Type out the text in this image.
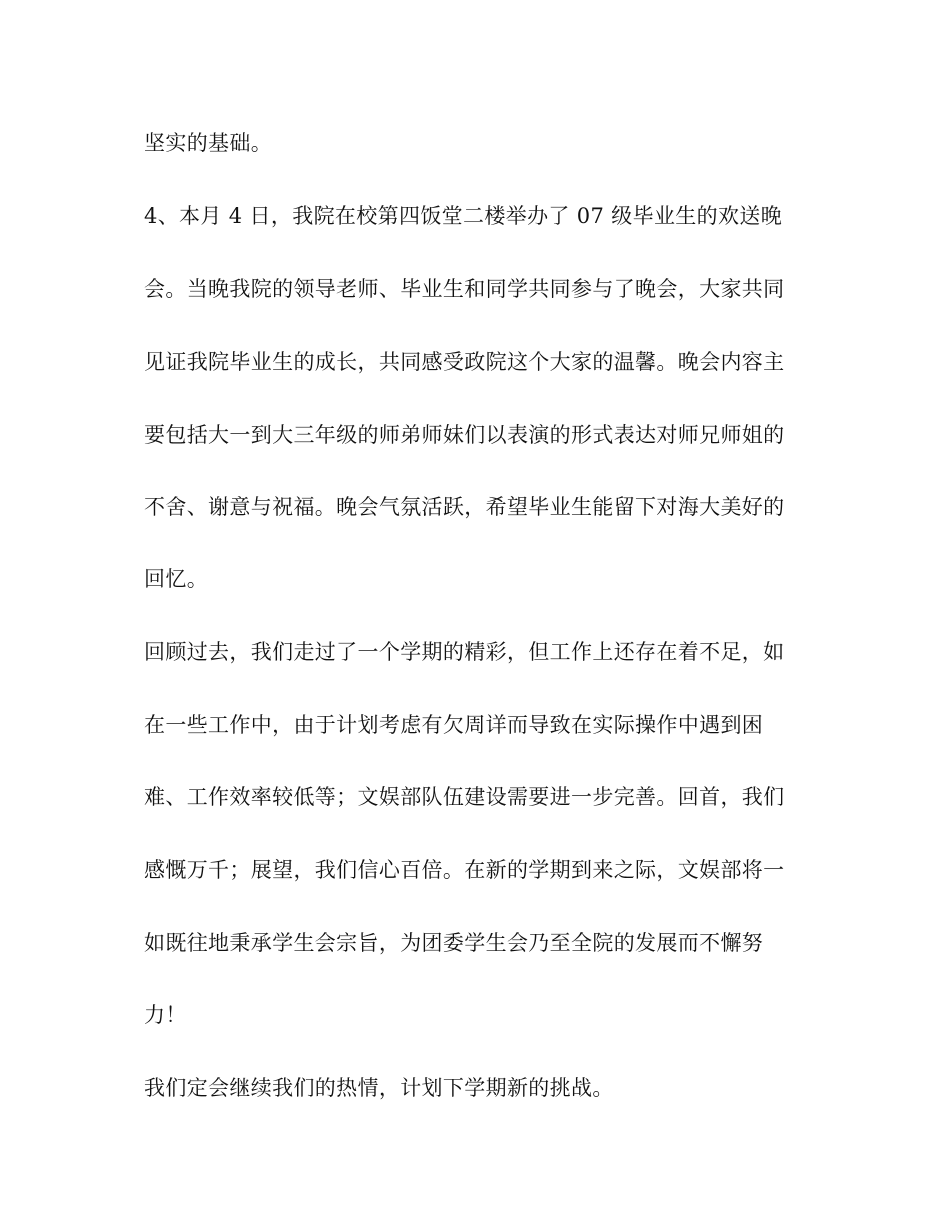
坚实的基础。
4、本月 4 日，我院在校第四饭堂二楼举办了 07 级毕业生的欢送晚
会。当晚我院的领导老师、毕业生和同学共同参与了晚会，大家共同
见证我院毕业生的成长，共同感受政院这个大家的温馨。晚会内容主
要包括大一到大三年级的师弟师妹们以表演的形式表达对师兄师姐的
不舍、谢意与祝福。晚会气氛活跃，希望毕业生能留下对海大美好的
回忆。
回顾过去，我们走过了一个学期的精彩，但工作上还存在着不足，如
在一些工作中，由于计划考虑有欠周详而导致在实际操作中遇到困
难、工作效率较低等；文娱部队伍建设需要进一步完善。回首，我们
感慨万千；展望，我们信心百倍。在新的学期到来之际，文娱部将一
如既往地秉承学生会宗旨，为团委学生会乃至全院的发展而不懈努
力！
我们定会继续我们的热情，计划下学期新的挑战。
